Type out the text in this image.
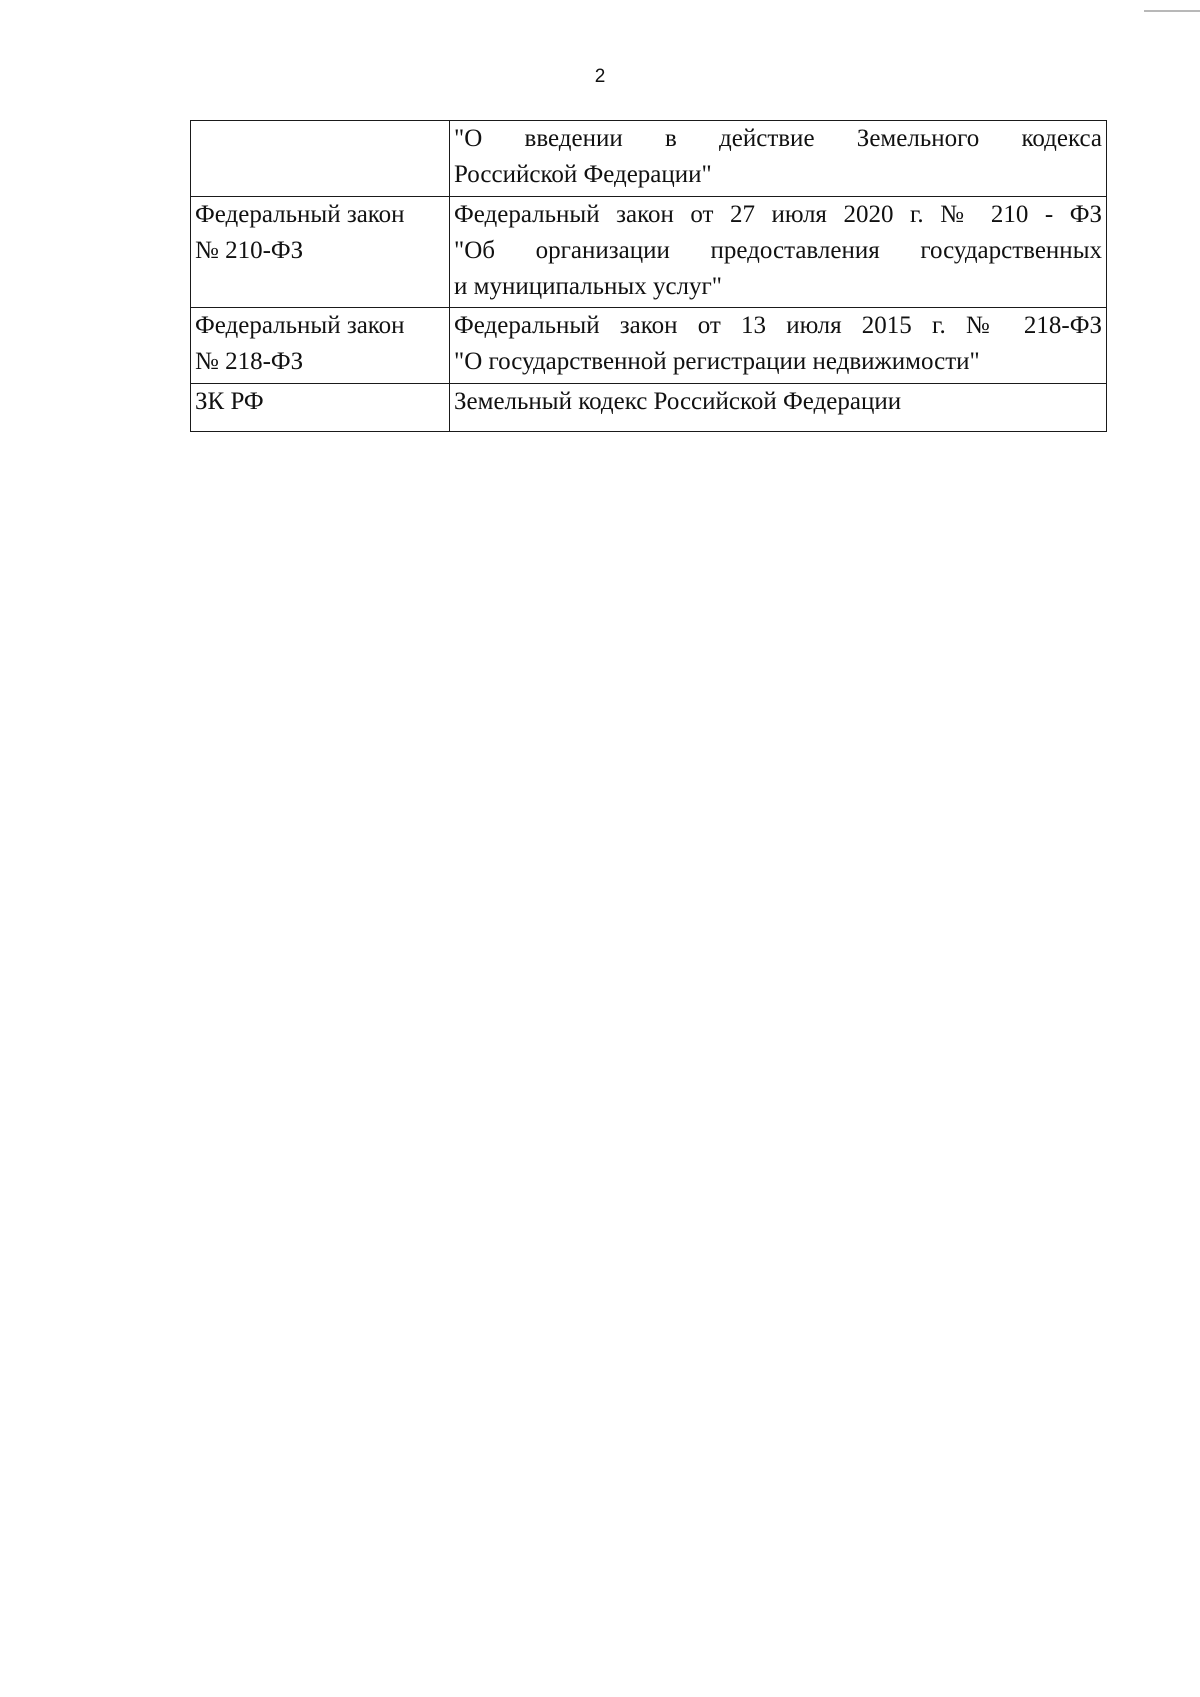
2

	"О введении в действие Земельного кодекса
Российской Федерации"

Федеральный закон
№ 210-ФЗ	Федеральный закон от 27 июля 2020 г. № 210 - ФЗ
"Об организации предоставления государственных
и муниципальных услуг"

Федеральный закон
№ 218-ФЗ	Федеральный закон от 13 июля 2015 г. № 218-ФЗ
"О государственной регистрации недвижимости"

ЗК РФ	Земельный кодекс Российской Федерации
